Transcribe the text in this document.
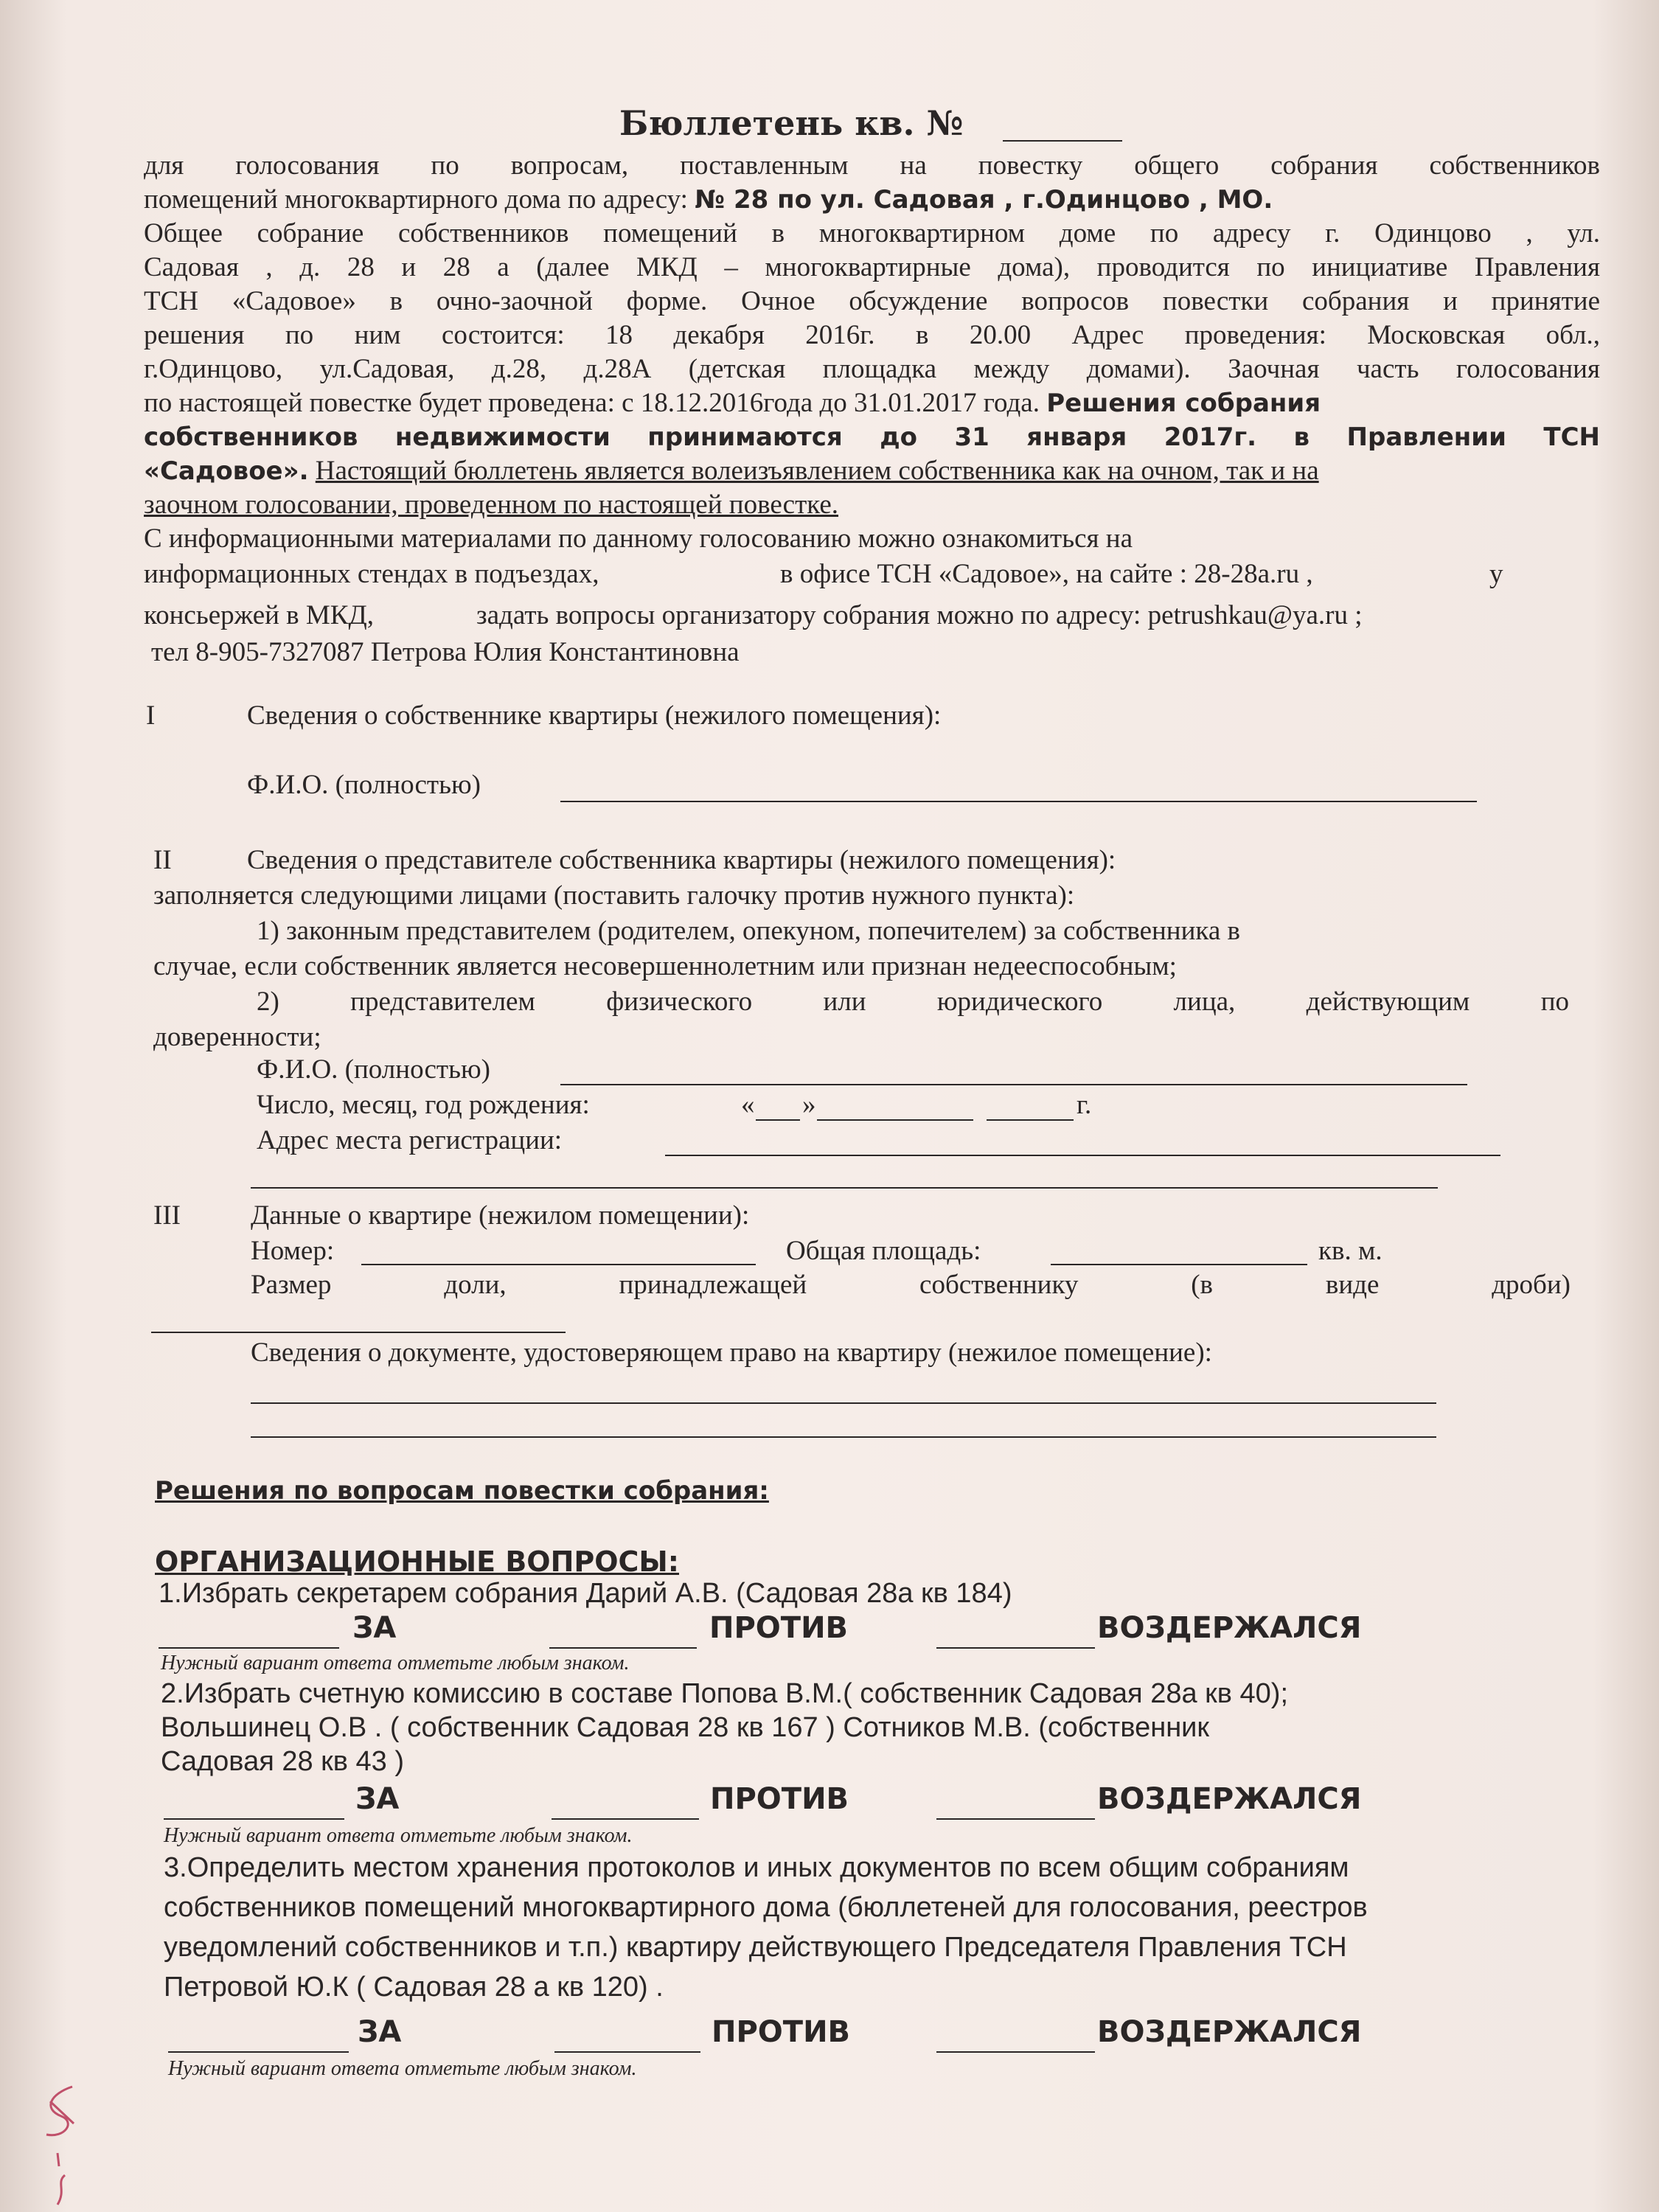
Бюллетень кв. №
для голосования по вопросам, поставленным на повестку общего собрания собственников
помещений многоквартирного дома по адресу: № 28 по ул. Садовая , г.Одинцово , МО.
Общее собрание собственников помещений в многоквартирном доме по адресу г. Одинцово , ул.
Садовая , д. 28 и 28 а (далее МКД – многоквартирные дома), проводится по инициативе Правления
ТСН «Садовое» в очно-заочной форме. Очное обсуждение вопросов повестки собрания и принятие
решения по ним состоится: 18 декабря 2016г. в 20.00 Адрес проведения: Московская обл.,
г.Одинцово, ул.Садовая, д.28, д.28А (детская площадка между домами). Заочная часть голосования
по настоящей повестке будет проведена: с 18.12.2016года до 31.01.2017 года. Решения собрания
собственников недвижимости принимаются до 31 января 2017г. в Правлении ТСН
«Садовое». Настоящий бюллетень является волеизъявлением собственника как на очном, так и на
заочном голосовании, проведенном по настоящей повестке.
С информационными материалами по данному голосованию можно ознакомиться на
информационных стендах в подъездах,	в офисе ТСН «Садовое», на сайте : 28-28a.ru ,	у
консьержей в МКД,	задать вопросы организатору собрания можно по адресу: petrushkau@ya.ru ;
тел 8-905-7327087 Петрова Юлия Константиновна
I	Сведения о собственнике квартиры (нежилого помещения):
Ф.И.О. (полностью)
II	Сведения о представителе собственника квартиры (нежилого помещения):
заполняется следующими лицами (поставить галочку против нужного пункта):
1) законным представителем (родителем, опекуном, попечителем) за собственника в
случае, если собственник является несовершеннолетним или признан недееспособным;
2) представителем физического или юридического лица, действующим по
доверенности;
Ф.И.О. (полностью)
Число, месяц, год рождения:	« »	г.
Адрес места регистрации:
III	Данные о квартире (нежилом помещении):
Номер:	Общая площадь:	кв. м.
Размер доли, принадлежащей собственнику (в виде дроби)
Сведения о документе, удостоверяющем право на квартиру (нежилое помещение):
Решения по вопросам повестки собрания:
ОРГАНИЗАЦИОННЫЕ ВОПРОСЫ:
1.Избрать секретарем собрания Дарий А.В. (Садовая 28а кв 184)
ЗА	ПРОТИВ	ВОЗДЕРЖАЛСЯ
Нужный вариант ответа отметьте любым знаком.
2.Избрать счетную комиссию в составе Попова В.М.( собственник Садовая 28а кв 40);
Вольшинец О.В . ( собственник Садовая 28 кв 167 ) Сотников М.В. (собственник
Садовая 28 кв 43 )
ЗА	ПРОТИВ	ВОЗДЕРЖАЛСЯ
Нужный вариант ответа отметьте любым знаком.
3.Определить местом хранения протоколов и иных документов по всем общим собраниям
собственников помещений многоквартирного дома (бюллетеней для голосования, реестров
уведомлений собственников и т.п.) квартиру действующего Председателя Правления ТСН
Петровой Ю.К ( Садовая 28 а кв 120) .
ЗА	ПРОТИВ	ВОЗДЕРЖАЛСЯ
Нужный вариант ответа отметьте любым знаком.
